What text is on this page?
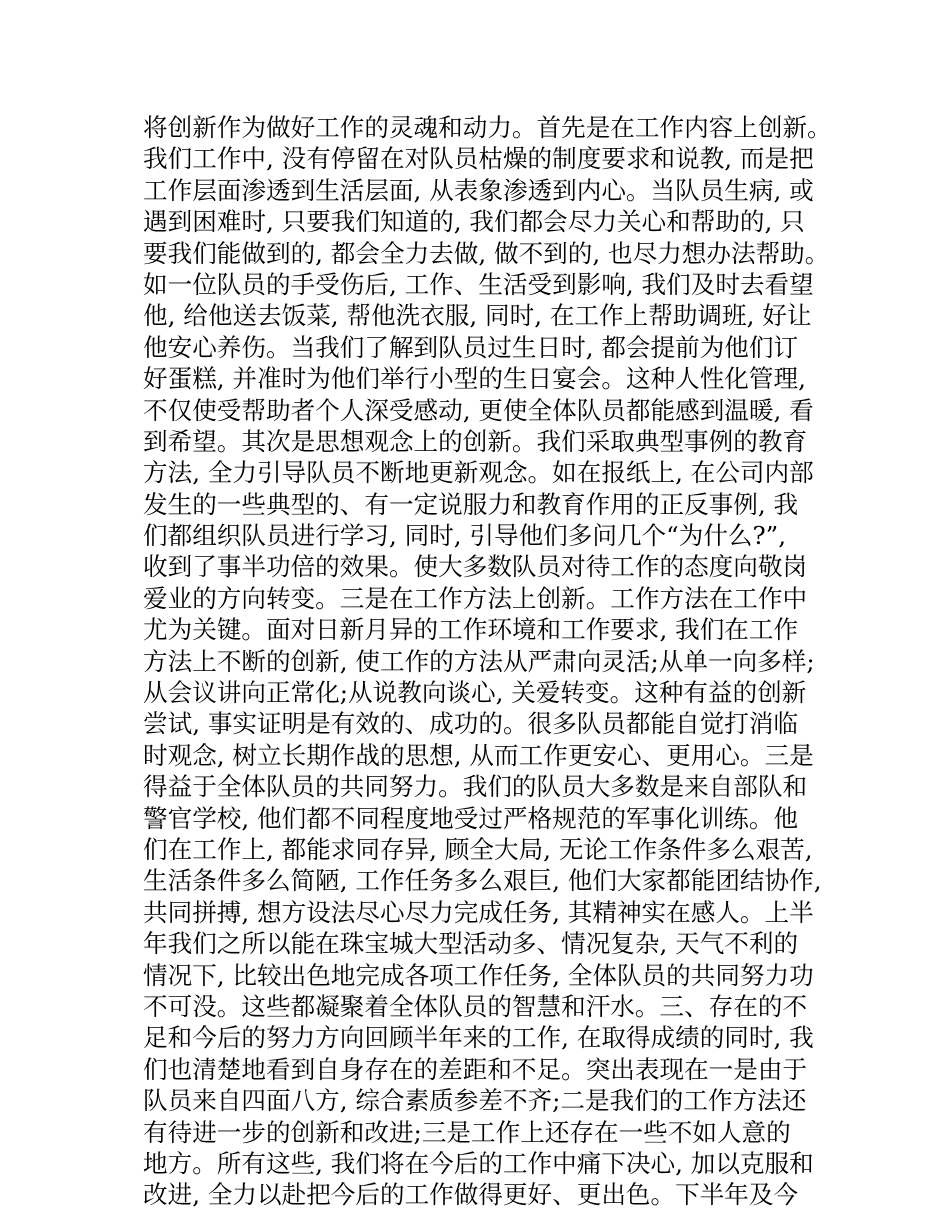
将创新作为做好工作的灵魂和动力。首先是在工作内容上创新。
我们工作中, 没有停留在对队员枯燥的制度要求和说教, 而是把
工作层面渗透到生活层面, 从表象渗透到内心。当队员生病, 或
遇到困难时, 只要我们知道的, 我们都会尽力关心和帮助的, 只
要我们能做到的, 都会全力去做, 做不到的, 也尽力想办法帮助。
如一位队员的手受伤后, 工作、生活受到影响, 我们及时去看望
他, 给他送去饭菜, 帮他洗衣服, 同时, 在工作上帮助调班, 好让
他安心养伤。当我们了解到队员过生日时, 都会提前为他们订
好蛋糕, 并准时为他们举行小型的生日宴会。这种人性化管理,
不仅使受帮助者个人深受感动, 更使全体队员都能感到温暖, 看
到希望。其次是思想观念上的创新。我们采取典型事例的教育
方法, 全力引导队员不断地更新观念。如在报纸上, 在公司内部
发生的一些典型的、有一定说服力和教育作用的正反事例, 我
们都组织队员进行学习, 同时, 引导他们多问几个“为什么?”,
收到了事半功倍的效果。使大多数队员对待工作的态度向敬岗
爱业的方向转变。三是在工作方法上创新。工作方法在工作中
尤为关键。面对日新月异的工作环境和工作要求, 我们在工作
方法上不断的创新, 使工作的方法从严肃向灵活;从单一向多样;
从会议讲向正常化;从说教向谈心, 关爱转变。这种有益的创新
尝试, 事实证明是有效的、成功的。很多队员都能自觉打消临
时观念, 树立长期作战的思想, 从而工作更安心、更用心。三是
得益于全体队员的共同努力。我们的队员大多数是来自部队和
警官学校, 他们都不同程度地受过严格规范的军事化训练。他
们在工作上, 都能求同存异, 顾全大局, 无论工作条件多么艰苦,
生活条件多么简陋, 工作任务多么艰巨, 他们大家都能团结协作,
共同拼搏, 想方设法尽心尽力完成任务, 其精神实在感人。上半
年我们之所以能在珠宝城大型活动多、情况复杂, 天气不利的
情况下, 比较出色地完成各项工作任务, 全体队员的共同努力功
不可没。这些都凝聚着全体队员的智慧和汗水。三、存在的不
足和今后的努力方向回顾半年来的工作, 在取得成绩的同时, 我
们也清楚地看到自身存在的差距和不足。突出表现在一是由于
队员来自四面八方, 综合素质参差不齐;二是我们的工作方法还
有待进一步的创新和改进;三是工作上还存在一些不如人意的
地方。所有这些, 我们将在今后的工作中痛下决心, 加以克服和
改进, 全力以赴把今后的工作做得更好、更出色。下半年及今
